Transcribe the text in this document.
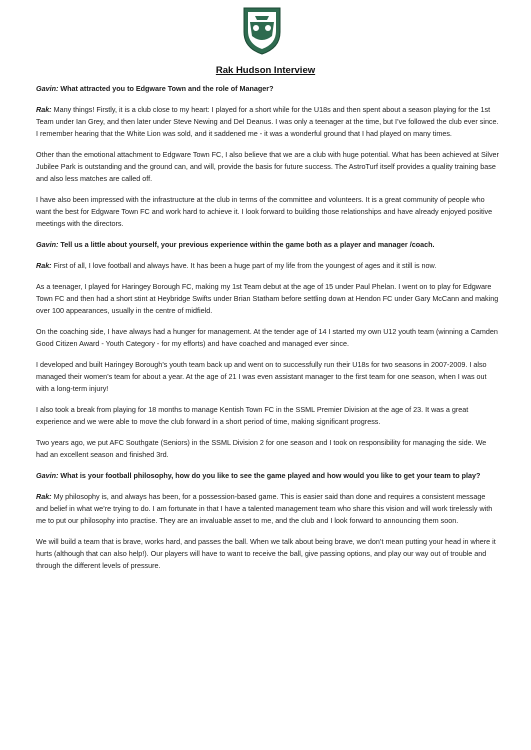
Rak Hudson Interview

Gavin: What attracted you to Edgware Town and the role of Manager?

Rak: Many things! Firstly, it is a club close to my heart: I played for a short while for the U18s and then spent about a season playing for the 1st Team under Ian Grey, and then later under Steve Newing and Del Deanus. I was only a teenager at the time, but I’ve followed the club ever since. I remember hearing that the White Lion was sold, and it saddened me - it was a wonderful ground that I had played on many times.

Other than the emotional attachment to Edgware Town FC, I also believe that we are a club with huge potential. What has been achieved at Silver Jubilee Park is outstanding and the ground can, and will, provide the basis for future success. The AstroTurf itself provides a quality training base and also less matches are called off.

I have also been impressed with the infrastructure at the club in terms of the committee and volunteers. It is a great community of people who want the best for Edgware Town FC and work hard to achieve it. I look forward to building those relationships and have already enjoyed positive meetings with the directors.

Gavin: Tell us a little about yourself, your previous experience within the game both as a player and manager /coach.

Rak: First of all, I love football and always have. It has been a huge part of my life from the youngest of ages and it still is now.

As a teenager, I played for Haringey Borough FC, making my 1st Team debut at the age of 15 under Paul Phelan. I went on to play for Edgware Town FC and then had a short stint at Heybridge Swifts under Brian Statham before settling down at Hendon FC under Gary McCann and making over 100 appearances, usually in the centre of midfield.

On the coaching side, I have always had a hunger for management. At the tender age of 14 I started my own U12 youth team (winning a Camden Good Citizen Award - Youth Category - for my efforts) and have coached and managed ever since.

I developed and built Haringey Borough’s youth team back up and went on to successfully run their U18s for two seasons in 2007-2009. I also managed their women’s team for about a year. At the age of 21 I was even assistant manager to the first team for one season, when I was out with a long-term injury!

I also took a break from playing for 18 months to manage Kentish Town FC in the SSML Premier Division at the age of 23. It was a great experience and we were able to move the club forward in a short period of time, making significant progress.

Two years ago, we put AFC Southgate (Seniors) in the SSML Division 2 for one season and I took on responsibility for managing the side. We had an excellent season and finished 3rd.

Gavin: What is your football philosophy, how do you like to see the game played and how would you like to get your team to play?

Rak: My philosophy is, and always has been, for a possession-based game. This is easier said than done and requires a consistent message and belief in what we’re trying to do. I am fortunate in that I have a talented management team who share this vision and will work tirelessly with me to put our philosophy into practise. They are an invaluable asset to me, and the club and I look forward to announcing them soon.

We will build a team that is brave, works hard, and passes the ball. When we talk about being brave, we don’t mean putting your head in where it hurts (although that can also help!). Our players will have to want to receive the ball, give passing options, and play our way out of trouble and through the different levels of pressure.
